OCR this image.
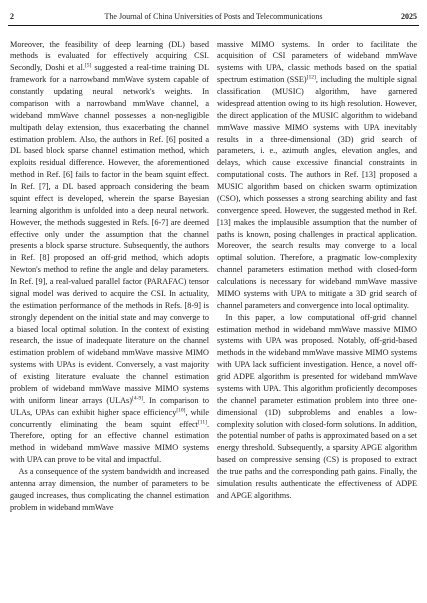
2	The Journal of China Universities of Posts and Telecommunications	2025

Moreover, the feasibility of deep learning (DL) based methods is evaluated for effectively acquiring CSI. Secondly, Doshi et al.[5] suggested a real-time training DL framework for a narrowband mmWave system capable of constantly updating neural network's weights. In comparison with a narrowband mmWave channel, a wideband mmWave channel possesses a non-negligible multipath delay extension, thus exacerbating the channel estimation problem. Also, the authors in Ref. [6] posited a DL based block sparse channel estimation method, which exploits residual difference. However, the aforementioned method in Ref. [6] fails to factor in the beam squint effect. In Ref. [7], a DL based approach considering the beam squint effect is developed, wherein the sparse Bayesian learning algorithm is unfolded into a deep neural network. However, the methods suggested in Refs. [6-7] are deemed effective only under the assumption that the channel presents a block sparse structure. Subsequently, the authors in Ref. [8] proposed an off-grid method, which adopts Newton's method to refine the angle and delay parameters. In Ref. [9], a real-valued parallel factor (PARAFAC) tensor signal model was derived to acquire the CSI. In actuality, the estimation performance of the methods in Refs. [8-9] is strongly dependent on the initial state and may converge to a biased local optimal solution. In the context of existing research, the issue of inadequate literature on the channel estimation problem of wideband mmWave massive MIMO systems with UPAs is evident. Conversely, a vast majority of existing literature evaluate the channel estimation problem of wideband mmWave massive MIMO systems with uniform linear arrays (ULAs)[4-9]. In comparison to ULAs, UPAs can exhibit higher space efficiency[10], while concurrently eliminating the beam squint effect[11]. Therefore, opting for an effective channel estimation method in wideband mmWave massive MIMO systems with UPA can prove to be vital and impactful.

As a consequence of the system bandwidth and increased antenna array dimension, the number of parameters to be gauged increases, thus complicating the channel estimation problem in wideband mmWave

massive MIMO systems. In order to facilitate the acquisition of CSI parameters of wideband mmWave systems with UPA, classic methods based on the spatial spectrum estimation (SSE)[12], including the multiple signal classification (MUSIC) algorithm, have garnered widespread attention owing to its high resolution. However, the direct application of the MUSIC algorithm to wideband mmWave massive MIMO systems with UPA inevitably results in a three-dimensional (3D) grid search of parameters, i. e., azimuth angles, elevation angles, and delays, which cause excessive financial constraints in computational costs. The authors in Ref. [13] proposed a MUSIC algorithm based on chicken swarm optimization (CSO), which possesses a strong searching ability and fast convergence speed. However, the suggested method in Ref. [13] makes the implausible assumption that the number of paths is known, posing challenges in practical application. Moreover, the search results may converge to a local optimal solution. Therefore, a pragmatic low-complexity channel parameters estimation method with closed-form calculations is necessary for wideband mmWave massive MIMO systems with UPA to mitigate a 3D grid search of channel parameters and convergence into local optimality.

In this paper, a low computational off-grid channel estimation method in wideband mmWave massive MIMO systems with UPA was proposed. Notably, off-grid-based methods in the wideband mmWave massive MIMO systems with UPA lack sufficient investigation. Hence, a novel off-grid ADPE algorithm is presented for wideband mmWave systems with UPA. This algorithm proficiently decomposes the channel parameter estimation problem into three one-dimensional (1D) subproblems and enables a low-complexity solution with closed-form solutions. In addition, the potential number of paths is approximated based on a set energy threshold. Subsequently, a sparsity APGE algorithm based on compressive sensing (CS) is proposed to extract the true paths and the corresponding path gains. Finally, the simulation results authenticate the effectiveness of ADPE and APGE algorithms.
